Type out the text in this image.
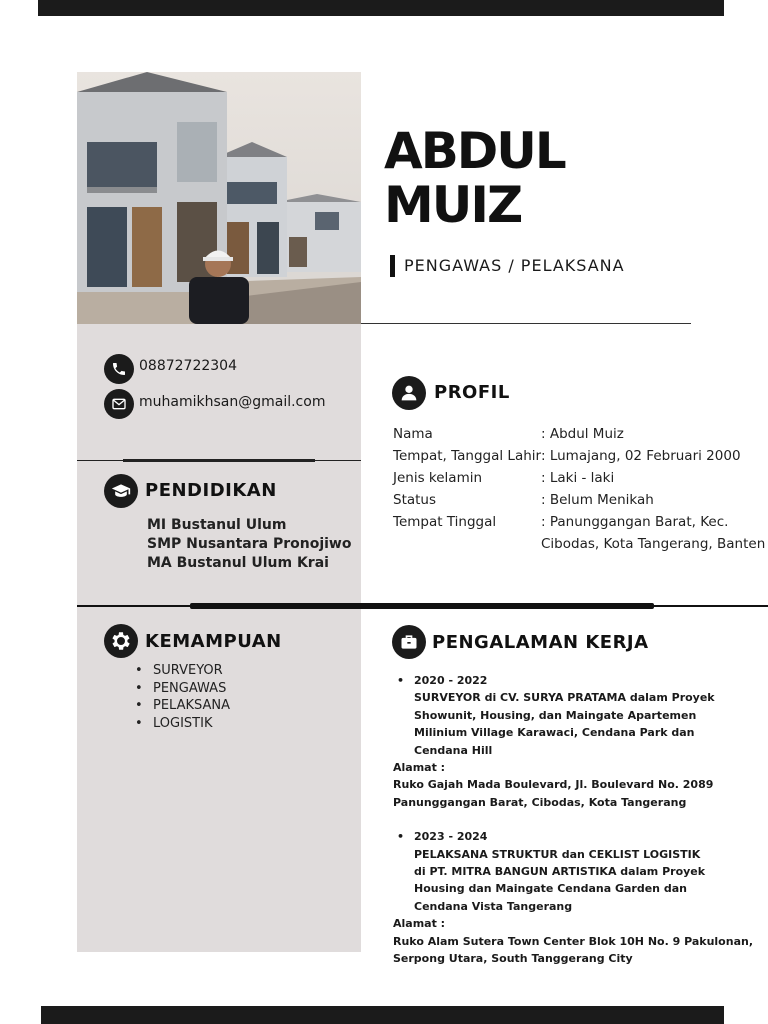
ABDUL
MUIZ
PENGAWAS / PELAKSANA
08872722304
muhamikhsan@gmail.com
PENDIDIKAN
MI Bustanul Ulum
SMP Nusantara Pronojiwo
MA Bustanul Ulum Krai
KEMAMPUAN
• SURVEYOR
• PENGAWAS
• PELAKSANA
• LOGISTIK
PROFIL
Nama	: Abdul Muiz
Tempat, Tanggal Lahir : Lumajang, 02 Februari 2000
Jenis kelamin	: Laki - laki
Status	: Belum Menikah
Tempat Tinggal	: Panunggangan Barat, Kec.
Cibodas, Kota Tangerang, Banten
PENGALAMAN KERJA
• 2020 - 2022
SURVEYOR di CV. SURYA PRATAMA dalam Proyek
Showunit, Housing, dan Maingate Apartemen
Milinium Village Karawaci, Cendana Park dan
Cendana Hill
Alamat :
Ruko Gajah Mada Boulevard, Jl. Boulevard No. 2089
Panunggangan Barat, Cibodas, Kota Tangerang
• 2023 - 2024
PELAKSANA STRUKTUR dan CEKLIST LOGISTIK
di PT. MITRA BANGUN ARTISTIKA dalam Proyek
Housing dan Maingate Cendana Garden dan
Cendana Vista Tangerang
Alamat :
Ruko Alam Sutera Town Center Blok 10H No. 9 Pakulonan,
Serpong Utara, South Tanggerang City
